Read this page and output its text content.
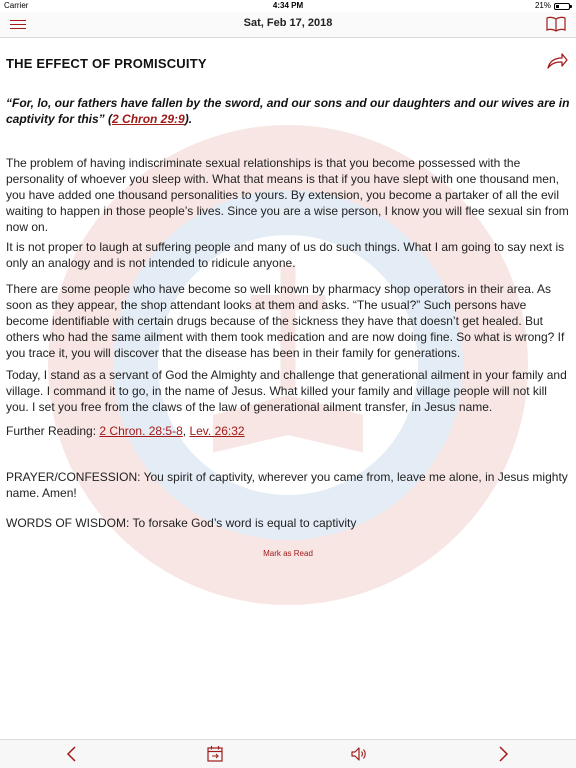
Carrier	4:34 PM	21%
Sat, Feb 17, 2018
THE EFFECT OF PROMISCUITY
“For, lo, our fathers have fallen by the sword, and our sons and our daughters and our wives are in captivity for this” (2 Chron 29:9).
The problem of having indiscriminate sexual relationships is that you become possessed with the personality of whoever you sleep with. What that means is that if you have slept with one thousand men, you have added one thousand personalities to yours. By extension, you become a partaker of all the evil waiting to happen in those people’s lives. Since you are a wise person, I know you will flee sexual sin from now on.
It is not proper to laugh at suffering people and many of us do such things. What I am going to say next is only an analogy and is not intended to ridicule anyone.
There are some people who have become so well known by pharmacy shop operators in their area. As soon as they appear, the shop attendant looks at them and asks. “The usual?” Such persons have become identifiable with certain drugs because of the sickness they have that doesn’t get healed. But others who had the same ailment with them took medication and are now doing fine. So what is wrong? If you trace it, you will discover that the disease has been in their family for generations.
Today, I stand as a servant of God the Almighty and challenge that generational ailment in your family and village. I command it to go, in the name of Jesus. What killed your family and village people will not kill you. I set you free from the claws of the law of generational ailment transfer, in Jesus name.
Further Reading: 2 Chron. 28:5-8, Lev. 26:32
PRAYER/CONFESSION: You spirit of captivity, wherever you came from, leave me alone, in Jesus mighty name. Amen!
WORDS OF WISDOM: To forsake God’s word is equal to captivity
Mark as Read
